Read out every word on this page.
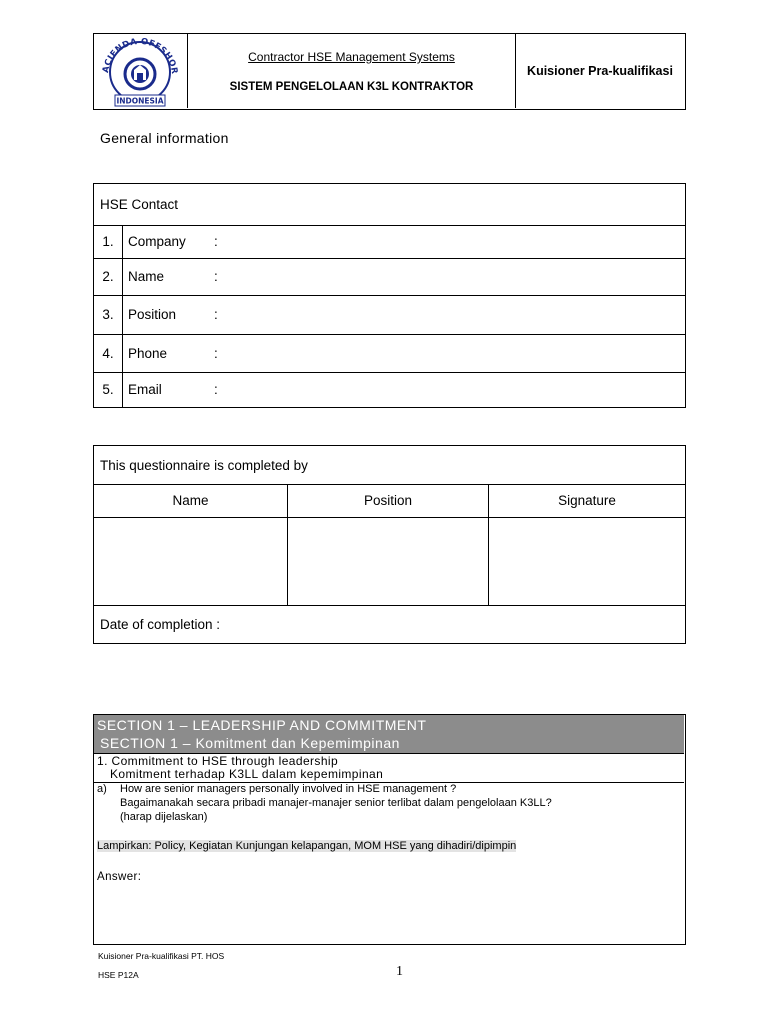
ACIENDA OFFSHOR
INDONESIA
Contractor HSE Management Systems
SISTEM PENGELOLAAN K3L KONTRAKTOR
Kuisioner Pra-kualifikasi
General information
HSE Contact
1.	Company :
2.	Name	:
3.	Position	:
4.	Phone	:
5.	Email	:
This questionnaire is completed by
Name	Position	Signature
Date of completion :
SECTION 1 – LEADERSHIP AND COMMITMENT
SECTION 1 – Komitment dan Kepemimpinan
1. Commitment to HSE through leadership
Komitment terhadap K3LL dalam kepemimpinan
a) How are senior managers personally involved in HSE management ?
Bagaimanakah secara pribadi manajer-manajer senior terlibat dalam pengelolaan K3LL?
(harap dijelaskan)
Lampirkan: Policy, Kegiatan Kunjungan kelapangan, MOM HSE yang dihadiri/dipimpin
Answer:
Kuisioner Pra-kualifikasi PT. HOS
HSE P12A	1
